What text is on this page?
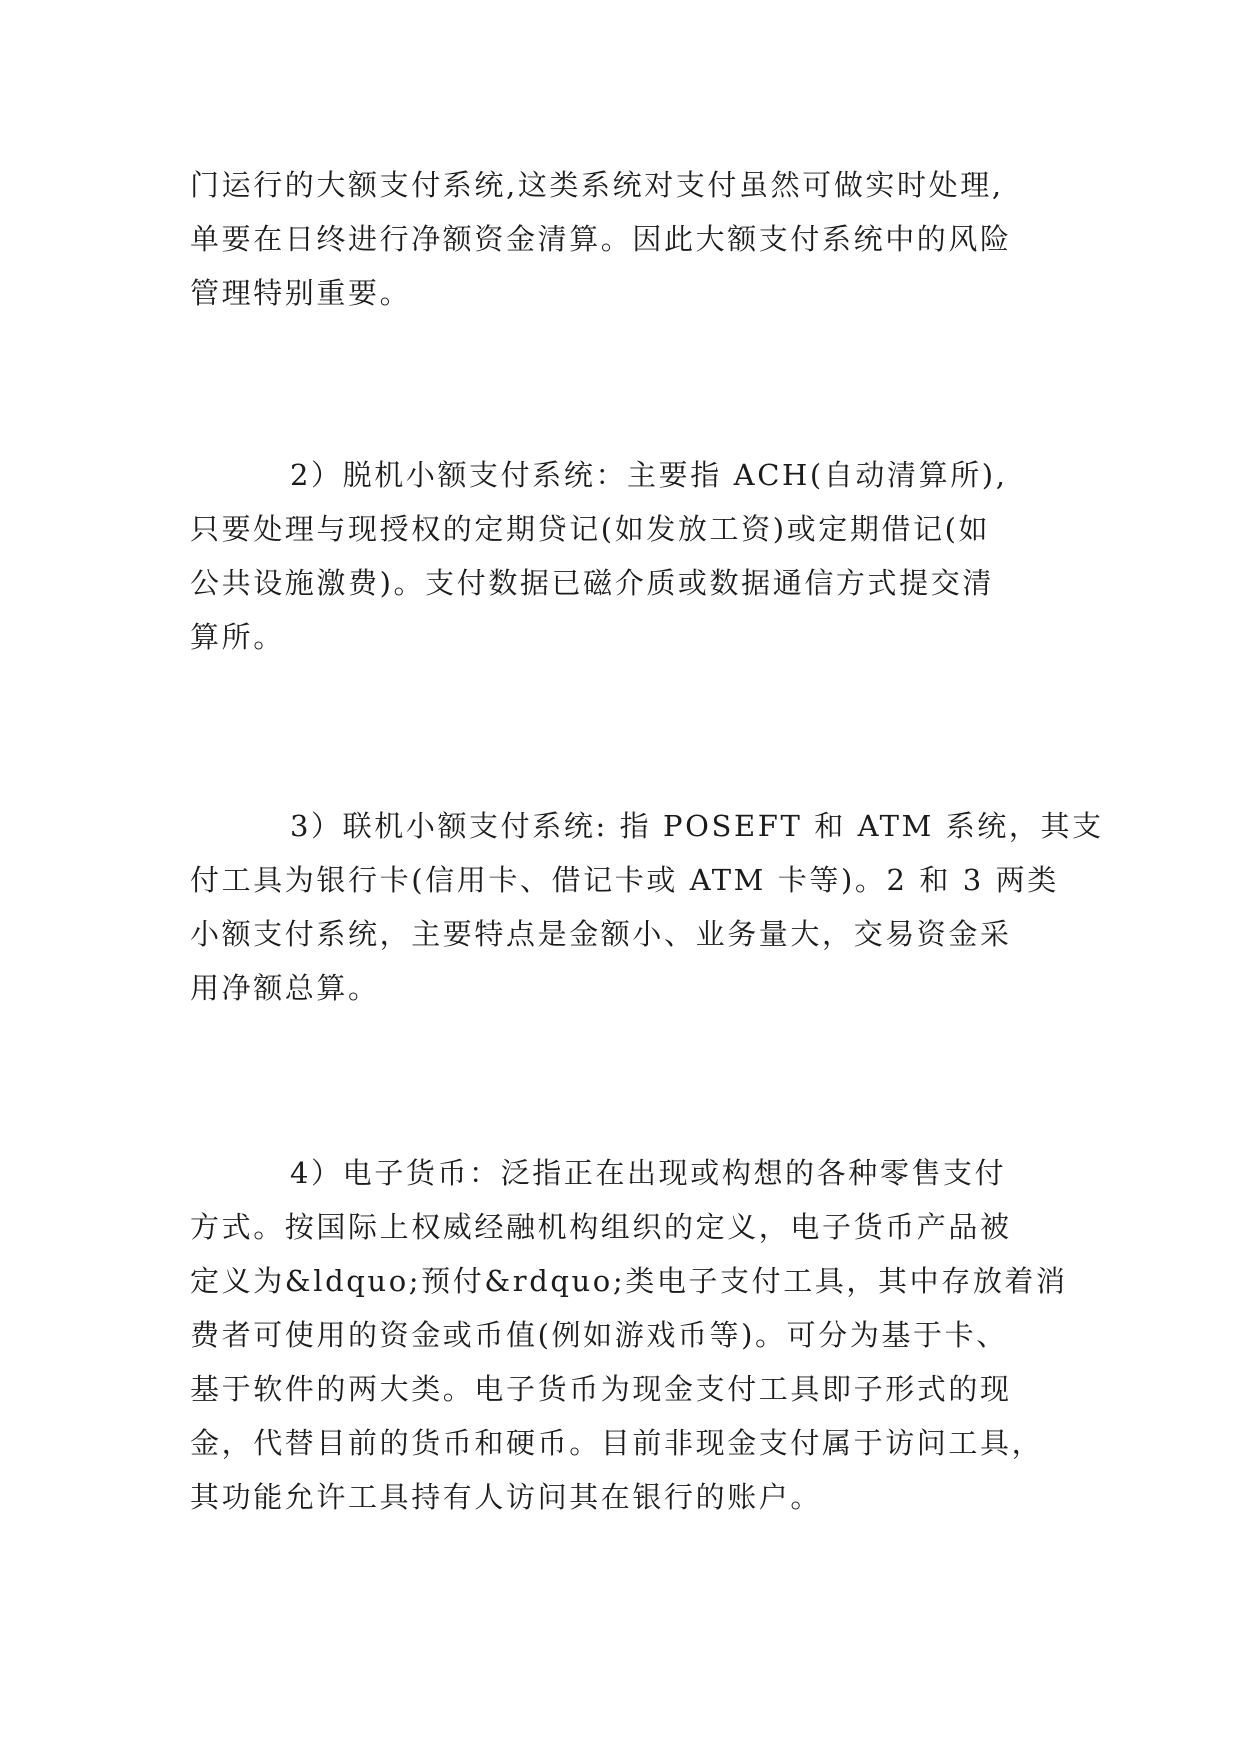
门运行的大额支付系统,这类系统对支付虽然可做实时处理,
单要在日终进行净额资金清算。因此大额支付系统中的风险
管理特别重要。
2）脱机小额支付系统：主要指 ACH(自动清算所),
只要处理与现授权的定期贷记(如发放工资)或定期借记(如
公共设施激费)。支付数据已磁介质或数据通信方式提交清
算所。
3）联机小额支付系统: 指 POSEFT 和 ATM 系统，其支
付工具为银行卡(信用卡、借记卡或 ATM 卡等)。2 和 3 两类
小额支付系统，主要特点是金额小、业务量大，交易资金采
用净额总算。
4）电子货币：泛指正在出现或构想的各种零售支付
方式。按国际上权威经融机构组织的定义，电子货币产品被
定义为&ldquo;预付&rdquo;类电子支付工具，其中存放着消
费者可使用的资金或币值(例如游戏币等)。可分为基于卡、
基于软件的两大类。电子货币为现金支付工具即子形式的现
金，代替目前的货币和硬币。目前非现金支付属于访问工具，
其功能允许工具持有人访问其在银行的账户。
